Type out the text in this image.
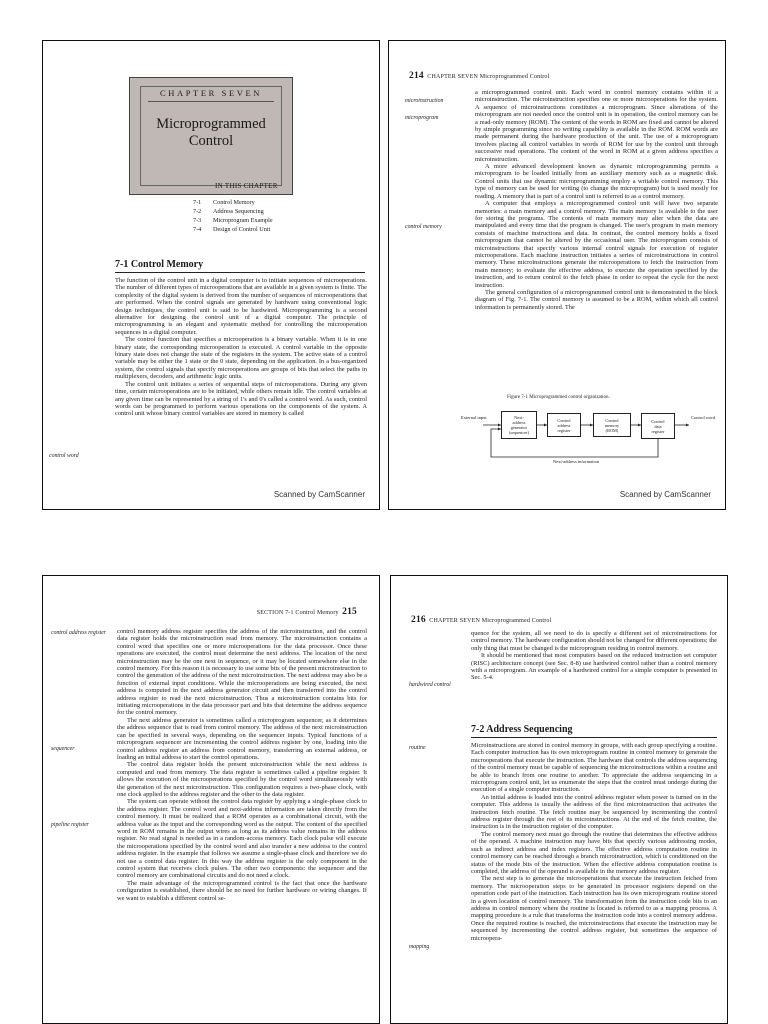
CHAPTER SEVEN
Microprogrammed
Control
IN THIS CHAPTER
7-1 Control Memory
7-2 Address Sequencing
7-3 Microprogram Example
7-4 Design of Control Unit
7-1 Control Memory

The function of the control unit in a digital computer is to initiate sequences of microoperations. The number of different types of microoperations that are available in a given system is finite. The complexity of the digital system is derived from the number of sequences of microoperations that are performed. When the control signals are generated by hardware using conventional logic design techniques, the control unit is said to be hardwired. Microprogramming is a second alternative for designing the control unit of a digital computer. The principle of microprogramming is an elegant and systematic method for controlling the microoperation sequences in a digital computer.

The control function that specifies a microoperation is a binary variable. When it is in one binary state, the corresponding microoperation is executed. A control variable in the opposite binary state does not change the state of the registers in the system. The active state of a control variable may be either the 1 state or the 0 state, depending on the application. In a bus-organized system, the control signals that specify microoperations are groups of bits that select the paths in multiplexers, decoders, and arithmetic logic units.

The control unit initiates a series of sequential steps of microoperations. During any given time, certain microoperations are to be initiated, while others remain idle. The control variables at any given time can be represented by a string of 1's and 0's called a control word. As such, control words can be programmed to perform various operations on the components of the system. A control unit whose binary control variables are stored in memory is called

control word
Scanned by CamScanner
214 CHAPTER SEVEN Microprogrammed Control
microinstruction
microprogram
control memory

a microprogrammed control unit. Each word in control memory contains within it a microinstruction. The microinstruction specifies one or more microoperations for the system. A sequence of microinstructions constitutes a microprogram. Since alterations of the microprogram are not needed once the control unit is in operation, the control memory can be a read-only memory (ROM). The content of the words in ROM are fixed and cannot be altered by simple programming since no writing capability is available in the ROM. ROM words are made permanent during the hardware production of the unit. The use of a microprogram involves placing all control variables in words of ROM for use by the control unit through successive read operations. The content of the word in ROM at a given address specifies a microinstruction.

A more advanced development known as dynamic microprogramming permits a microprogram to be loaded initially from an auxiliary memory such as a magnetic disk. Control units that use dynamic microprogramming employ a writable control memory. This type of memory can be used for writing (to change the microprogram) but is used mostly for reading. A memory that is part of a control unit is referred to as a control memory.

A computer that employs a microprogrammed control unit will have two separate memories: a main memory and a control memory. The main memory is available to the user for storing the programs. The contents of main memory may alter when the data are manipulated and every time that the program is changed. The user's program in main memory consists of machine instructions and data. In contrast, the control memory holds a fixed microprogram that cannot be altered by the occasional user. The microprogram consists of microinstructions that specify various internal control signals for execution of register microoperations. Each machine instruction initiates a series of microinstructions in control memory. These microinstructions generate the microoperations to fetch the instruction from main memory; to evaluate the effective address, to execute the operation specified by the instruction, and to return control to the fetch phase in order to repeat the cycle for the next instruction.

The general configuration of a microprogrammed control unit is demonstrated in the block diagram of Fig. 7-1. The control memory is assumed to be a ROM, within which all control information is permanently stored. The

Figure 7-1 Microprogrammed control organization.
External input	Next-
address
generator
(sequencer)
Control
address
register
Control
memory
(ROM)
Control
data
register
Control word
Next-address information
Scanned by CamScanner
SECTION 7-1 Control Memory 215
control address register
sequencer
pipeline register

control memory address register specifies the address of the microinstruction, and the control data register holds the microinstruction read from memory. The microinstruction contains a control word that specifies one or more microoperations for the data processor. Once these operations are executed, the control must determine the next address. The location of the next microinstruction may be the one next in sequence, or it may be located somewhere else in the control memory. For this reason it is necessary to use some bits of the present microinstruction to control the generation of the address of the next microinstruction. The next address may also be a function of external input conditions. While the microoperations are being executed, the next address is computed in the next address generator circuit and then transferred into the control address register to read the next microinstruction. Thus a microinstruction contains bits for initiating microoperations in the data processor part and bits that determine the address sequence for the control memory.

The next address generator is sometimes called a microprogram sequencer, as it determines the address sequence that is read from control memory. The address of the next microinstruction can be specified in several ways, depending on the sequencer inputs. Typical functions of a microprogram sequencer are incrementing the control address register by one, loading into the control address register an address from control memory, transferring an external address, or loading an initial address to start the control operations.

The control data register holds the present microinstruction while the next address is computed and read from memory. The data register is sometimes called a pipeline register. It allows the execution of the microoperations specified by the control word simultaneously with the generation of the next microinstruction. This configuration requires a two-phase clock, with one clock applied to the address register and the other to the data register.

The system can operate without the control data register by applying a single-phase clock to the address register. The control word and next-address information are taken directly from the control memory. It must be realized that a ROM operates as a combinational circuit, with the address value as the input and the corresponding word as the output. The content of the specified word in ROM remains in the output wires as long as its address value remains in the address register. No read signal is needed as in a random-access memory. Each clock pulse will execute the microoperations specified by the control word and also transfer a new address to the control address register. In the example that follows we assume a single-phase clock and therefore we do not use a control data register. In this way the address register is the only component in the control system that receives clock pulses. The other two components: the sequencer and the control memory are combinational circuits and do not need a clock.

The main advantage of the microprogrammed control is the fact that once the hardware configuration is established, there should be no need for further hardware or wiring changes. If we want to establish a different control se-

216 CHAPTER SEVEN Microprogrammed Control
hardwired control
routine
mapping

quence for the system, all we need to do is specify a different set of microinstructions for control memory. The hardware configuration should not be changed for different operations; the only thing that must be changed is the microprogram residing in control memory.

It should be mentioned that most computers based on the reduced instruction set computer (RISC) architecture concept (see Sec. 8-8) use hardwired control rather than a control memory with a microprogram. An example of a hardwired control for a simple computer is presented in Sec. 5-4.

7-2 Address Sequencing

Microinstructions are stored in control memory in groups, with each group specifying a routine. Each computer instruction has its own microprogram routine in control memory to generate the microoperations that execute the instruction. The hardware that controls the address sequencing of the control memory must be capable of sequencing the microinstructions within a routine and be able to branch from one routine to another. To appreciate the address sequencing in a microprogram control unit, let us enumerate the steps that the control must undergo during the execution of a single computer instruction.

An initial address is loaded into the control address register when power is turned on in the computer. This address is usually the address of the first microinstruction that activates the instruction fetch routine. The fetch routine may be sequenced by incrementing the control address register through the rest of its microinstructions. At the end of the fetch routine, the instruction is in the instruction register of the computer.

The control memory next must go through the routine that determines the effective address of the operand. A machine instruction may have bits that specify various addressing modes, such as indirect address and index registers. The effective address computation routine in control memory can be reached through a branch microinstruction, which is conditioned on the status of the mode bits of the instruction. When the effective address computation routine is completed, the address of the operand is available in the memory address register.

The next step is to generate the microoperations that execute the instruction fetched from memory. The microoperation steps to be generated in processor registers depend on the operation code part of the instruction. Each instruction has its own microprogram routine stored in a given location of control memory. The transformation from the instruction code bits to an address in control memory where the routine is located is referred to as a mapping process. A mapping procedure is a rule that transforms the instruction code into a control memory address. Once the required routine is reached, the microinstructions that execute the instruction may be sequenced by incrementing the control address register, but sometimes the sequence of microopera-
